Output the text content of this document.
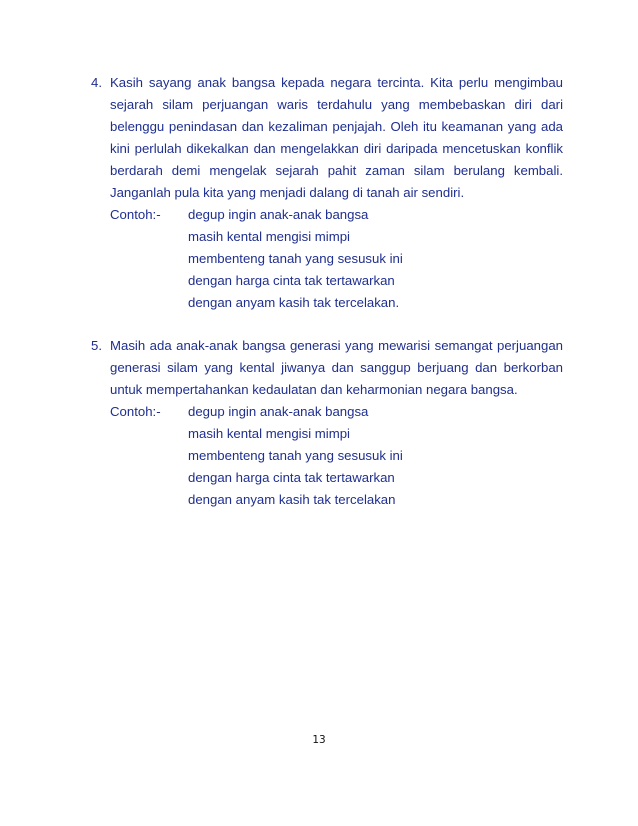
4. Kasih sayang anak bangsa kepada negara tercinta. Kita perlu mengimbau sejarah silam perjuangan waris terdahulu yang membebaskan diri dari belenggu penindasan dan kezaliman penjajah. Oleh itu keamanan yang ada kini perlulah dikekalkan dan mengelakkan diri daripada mencetuskan konflik berdarah demi mengelak sejarah pahit zaman silam berulang kembali. Janganlah pula kita yang menjadi dalang di tanah air sendiri.
Contoh:- degup ingin anak-anak bangsa
masih kental mengisi mimpi
membenteng tanah yang sesusuk ini
dengan harga cinta tak tertawarkan
dengan anyam kasih tak tercelakan.
5. Masih ada anak-anak bangsa generasi yang mewarisi semangat perjuangan generasi silam yang kental jiwanya dan sanggup berjuang dan berkorban untuk mempertahankan kedaulatan dan keharmonian negara bangsa.
Contoh:- degup ingin anak-anak bangsa
masih kental mengisi mimpi
membenteng tanah yang sesusuk ini
dengan harga cinta tak tertawarkan
dengan anyam kasih tak tercelakan
13
